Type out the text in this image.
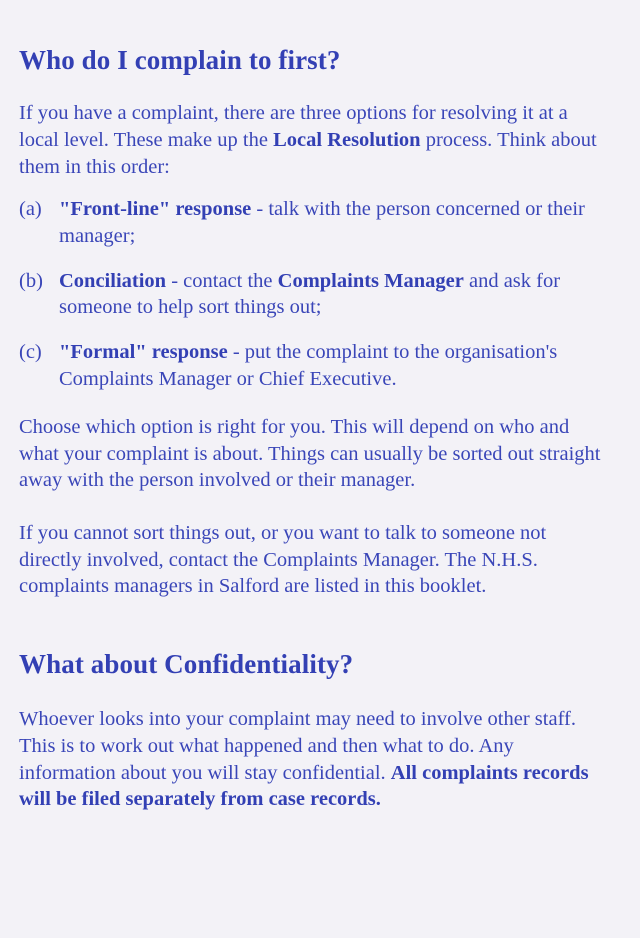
Who do I complain to first?

If you have a complaint, there are three options for resolving it at a local level. These make up the Local Resolution process. Think about them in this order:

(a) "Front-line" response - talk with the person concerned or their manager;
(b) Conciliation - contact the Complaints Manager and ask for someone to help sort things out;
(c) "Formal" response - put the complaint to the organisation's Complaints Manager or Chief Executive.

Choose which option is right for you. This will depend on who and what your complaint is about. Things can usually be sorted out straight away with the person involved or their manager.

If you cannot sort things out, or you want to talk to someone not directly involved, contact the Complaints Manager. The N.H.S. complaints managers in Salford are listed in this booklet.

What about Confidentiality?

Whoever looks into your complaint may need to involve other staff. This is to work out what happened and then what to do. Any information about you will stay confidential. All complaints records will be filed separately from case records.
